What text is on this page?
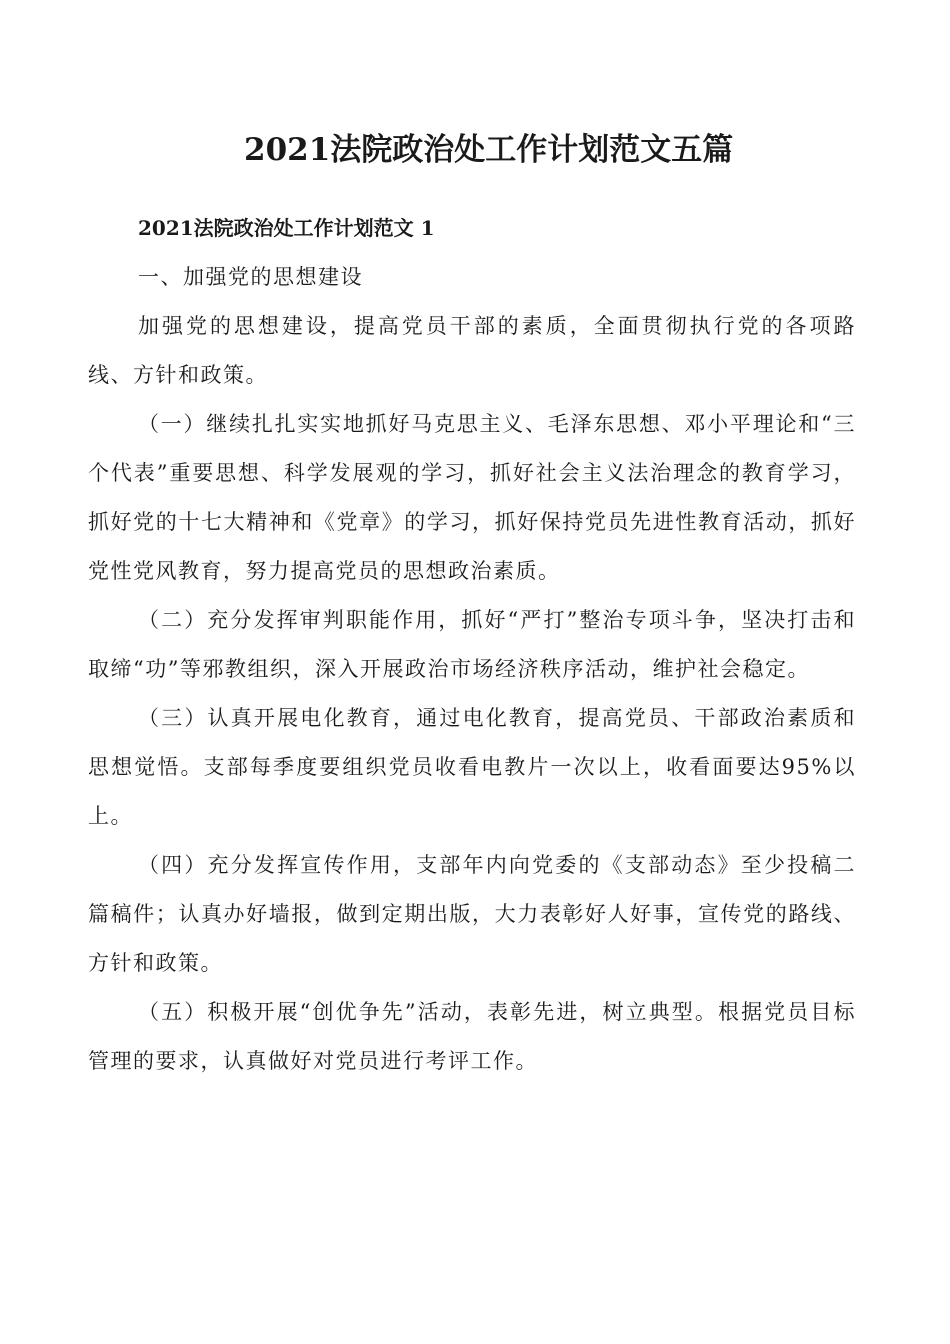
2021法院政治处工作计划范文五篇
2021法院政治处工作计划范文 1

一、加强党的思想建设

加强党的思想建设，提高党员干部的素质，全面贯彻执行党的各项路线、方针和政策。

（一）继续扎扎实实地抓好马克思主义、毛泽东思想、邓小平理论和“三个代表”重要思想、科学发展观的学习，抓好社会主义法治理念的教育学习，抓好党的十七大精神和《党章》的学习，抓好保持党员先进性教育活动，抓好党性党风教育，努力提高党员的思想政治素质。

（二）充分发挥审判职能作用，抓好“严打”整治专项斗争，坚决打击和取缔“功”等邪教组织，深入开展政治市场经济秩序活动，维护社会稳定。

（三）认真开展电化教育，通过电化教育，提高党员、干部政治素质和思想觉悟。支部每季度要组织党员收看电教片一次以上，收看面要达95%以上。

（四）充分发挥宣传作用，支部年内向党委的《支部动态》至少投稿二篇稿件；认真办好墙报，做到定期出版，大力表彰好人好事，宣传党的路线、方针和政策。

（五）积极开展“创优争先”活动，表彰先进，树立典型。根据党员目标管理的要求，认真做好对党员进行考评工作。
